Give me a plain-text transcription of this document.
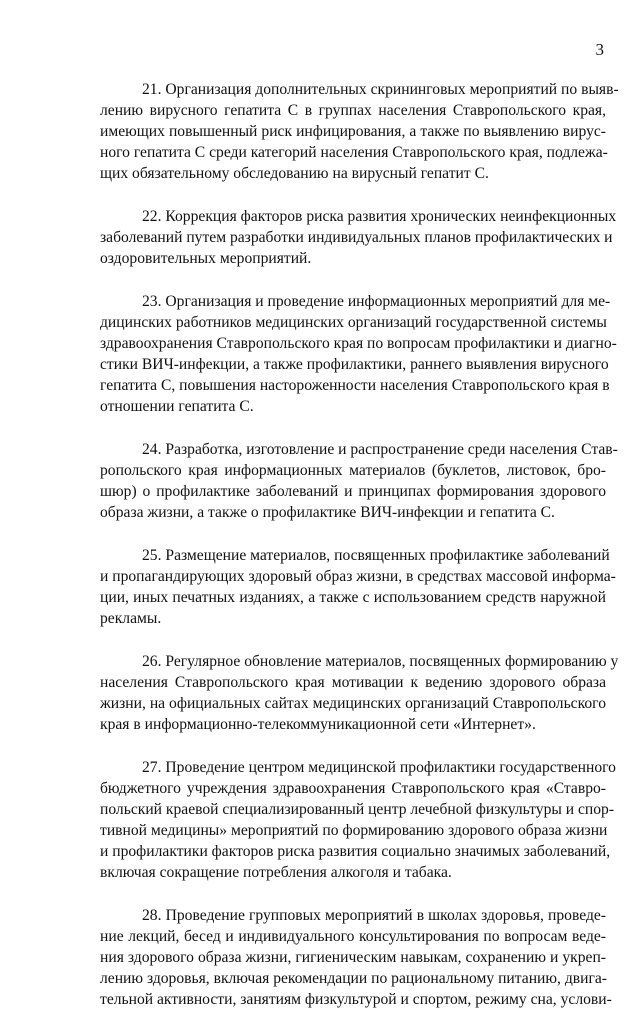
3
21. Организация дополнительных скрининговых мероприятий по выяв-
лению вирусного гепатита С в группах населения Ставропольского края,
имеющих повышенный риск инфицирования, а также по выявлению вирус-
ного гепатита С среди категорий населения Ставропольского края, подлежа-
щих обязательному обследованию на вирусный гепатит С.
22. Коррекция факторов риска развития хронических неинфекционных
заболеваний путем разработки индивидуальных планов профилактических и
оздоровительных мероприятий.
23. Организация и проведение информационных мероприятий для ме-
дицинских работников медицинских организаций государственной системы
здравоохранения Ставропольского края по вопросам профилактики и диагно-
стики ВИЧ-инфекции, а также профилактики, раннего выявления вирусного
гепатита С, повышения настороженности населения Ставропольского края в
отношении гепатита С.
24. Разработка, изготовление и распространение среди населения Став-
ропольского края информационных материалов (буклетов, листовок, бро-
шюр) о профилактике заболеваний и принципах формирования здорового
образа жизни, а также о профилактике ВИЧ-инфекции и гепатита С.
25. Размещение материалов, посвященных профилактике заболеваний
и пропагандирующих здоровый образ жизни, в средствах массовой информа-
ции, иных печатных изданиях, а также с использованием средств наружной
рекламы.
26. Регулярное обновление материалов, посвященных формированию у
населения Ставропольского края мотивации к ведению здорового образа
жизни, на официальных сайтах медицинских организаций Ставропольского
края в информационно-телекоммуникационной сети «Интернет».
27. Проведение центром медицинской профилактики государственного
бюджетного учреждения здравоохранения Ставропольского края «Ставро-
польский краевой специализированный центр лечебной физкультуры и спор-
тивной медицины» мероприятий по формированию здорового образа жизни
и профилактики факторов риска развития социально значимых заболеваний,
включая сокращение потребления алкоголя и табака.
28. Проведение групповых мероприятий в школах здоровья, проведе-
ние лекций, бесед и индивидуального консультирования по вопросам веде-
ния здорового образа жизни, гигиеническим навыкам, сохранению и укреп-
лению здоровья, включая рекомендации по рациональному питанию, двига-
тельной активности, занятиям физкультурой и спортом, режиму сна, услови-
